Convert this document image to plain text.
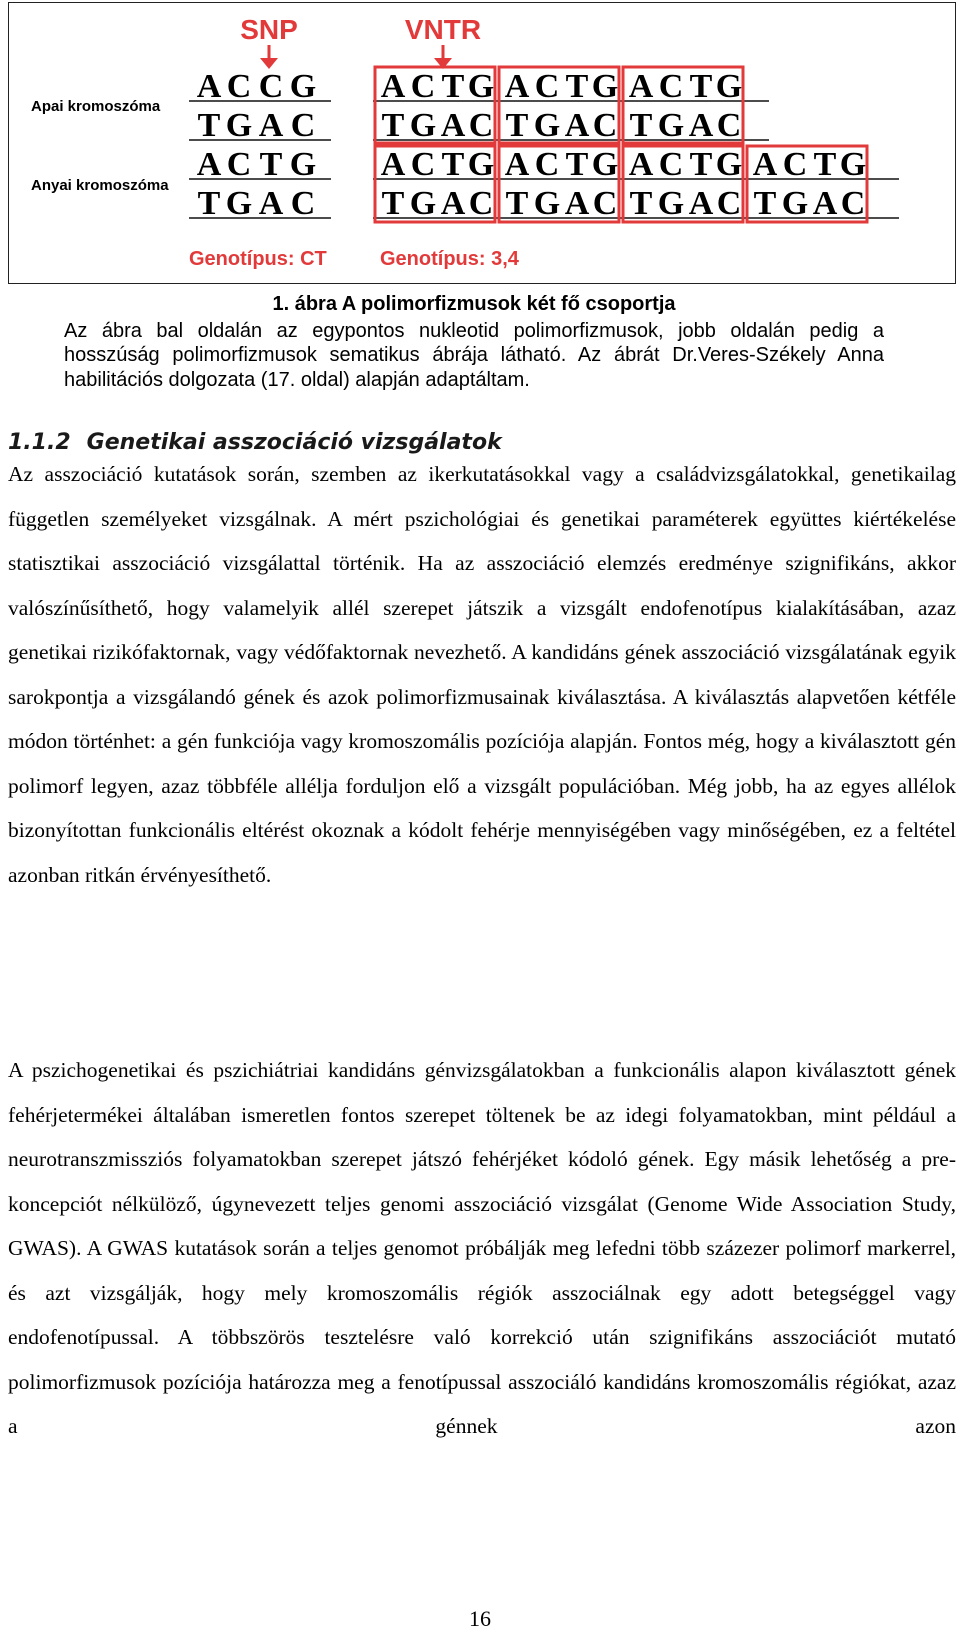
SNP	VNTR
Apai kromoszóma
Anyai kromoszóma
A C C G
T G A C
A C T G
T G A C
A C T G
T G A C
A C T G
T G A C
A C T G
T G A C
A C T G
T G A C
A C T G
T G A C
A C T G
T G A C
A C T G
T G A C
Genotípus: CT	Genotípus: 3,4
1. ábra A polimorfizmusok két fő csoportja
Az ábra bal oldalán az egypontos nukleotid polimorfizmusok, jobb oldalán pedig a hosszúság polimorfizmusok sematikus ábrája látható. Az ábrát Dr.Veres-Székely Anna habilitációs dolgozata (17. oldal) alapján adaptáltam.
1.1.2 Genetikai asszociáció vizsgálatok
Az asszociáció kutatások során, szemben az ikerkutatásokkal vagy a családvizsgálatokkal, genetikailag független személyeket vizsgálnak. A mért pszichológiai és genetikai paraméterek együttes kiértékelése statisztikai asszociáció vizsgálattal történik. Ha az asszociáció elemzés eredménye szignifikáns, akkor valószínűsíthető, hogy valamelyik allél szerepet játszik a vizsgált endofenotípus kialakításában, azaz genetikai rizikófaktornak, vagy védőfaktornak nevezhető. A kandidáns gének asszociáció vizsgálatának egyik sarokpontja a vizsgálandó gének és azok polimorfizmusainak kiválasztása. A kiválasztás alapvetően kétféle módon történhet: a gén funkciója vagy kromoszomális pozíciója alapján. Fontos még, hogy a kiválasztott gén polimorf legyen, azaz többféle allélja forduljon elő a vizsgált populációban. Még jobb, ha az egyes allélok bizonyítottan funkcionális eltérést okoznak a kódolt fehérje mennyiségében vagy minőségében, ez a feltétel azonban ritkán érvényesíthető.
A pszichogenetikai és pszichiátriai kandidáns génvizsgálatokban a funkcionális alapon kiválasztott gének fehérjetermékei általában ismeretlen fontos szerepet töltenek be az idegi folyamatokban, mint például a neurotranszmissziós folyamatokban szerepet játszó fehérjéket kódoló gének. Egy másik lehetőség a pre-koncepciót nélkülöző, úgynevezett teljes genomi asszociáció vizsgálat (Genome Wide Association Study, GWAS). A GWAS kutatások során a teljes genomot próbálják meg lefedni több százezer polimorf markerrel, és azt vizsgálják, hogy mely kromoszomális régiók asszociálnak egy adott betegséggel vagy endofenotípussal. A többszörös tesztelésre való korrekció után szignifikáns asszociációt mutató polimorfizmusok pozíciója határozza meg a fenotípussal asszociáló kandidáns kromoszomális régiókat, azaz a génnek azon
16
